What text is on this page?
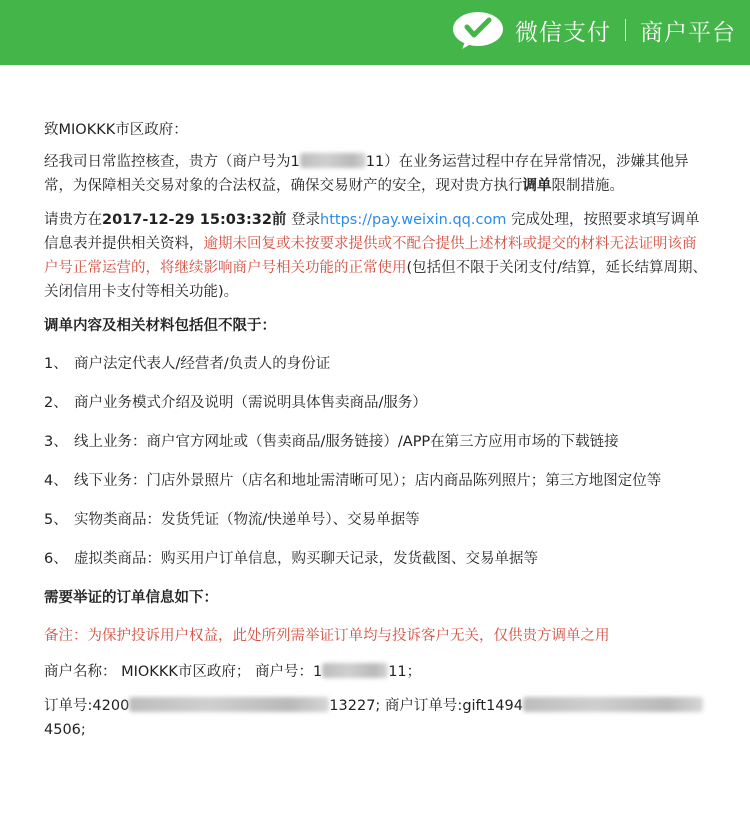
微信支付 商户平台
致MIOKKK市区政府：
经我司日常监控核查，贵方（商户号为1	11）在业务运营过程中存在异常情况，涉嫌其他异常，为保障相关交易对象的合法权益，确保交易财产的安全，现对贵方执行调单限制措施。
请贵方在2017-12-29 15:03:32前 登录https://pay.weixin.qq.com 完成处理，按照要求填写调单信息表并提供相关资料，逾期未回复或未按要求提供或不配合提供上述材料或提交的材料无法证明该商户号正常运营的，将继续影响商户号相关功能的正常使用(包括但不限于关闭支付/结算，延长结算周期、关闭信用卡支付等相关功能)。
调单内容及相关材料包括但不限于：
1、 商户法定代表人/经营者/负责人的身份证
2、 商户业务模式介绍及说明（需说明具体售卖商品/服务）
3、 线上业务：商户官方网址或（售卖商品/服务链接）/APP在第三方应用市场的下载链接
4、 线下业务：门店外景照片（店名和地址需清晰可见）；店内商品陈列照片；第三方地图定位等
5、 实物类商品：发货凭证（物流/快递单号）、交易单据等
6、 虚拟类商品：购买用户订单信息，购买聊天记录，发货截图、交易单据等
需要举证的订单信息如下：
备注：为保护投诉用户权益，此处所列需举证订单均与投诉客户无关，仅供贵方调单之用
商户名称： MIOKKK市区政府； 商户号：1	11；
订单号:4200	13227; 商户订单号:gift14944506;
